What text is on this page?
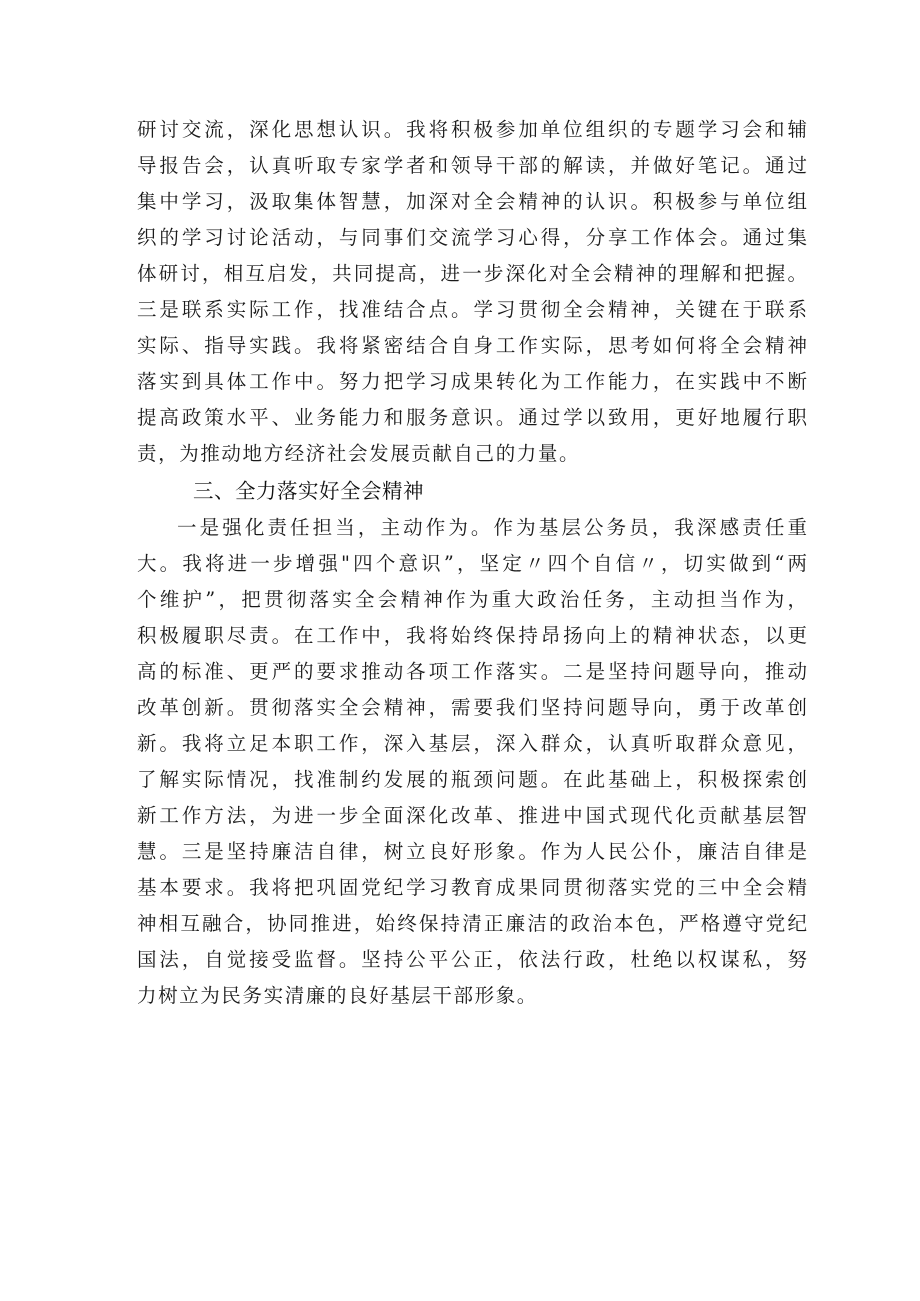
研讨交流，深化思想认识。我将积极参加单位组织的专题学习会和辅
导报告会，认真听取专家学者和领导干部的解读，并做好笔记。通过
集中学习，汲取集体智慧，加深对全会精神的认识。积极参与单位组
织的学习讨论活动，与同事们交流学习心得，分享工作体会。通过集
体研讨，相互启发，共同提高，进一步深化对全会精神的理解和把握。
三是联系实际工作，找准结合点。学习贯彻全会精神，关键在于联系
实际、指导实践。我将紧密结合自身工作实际，思考如何将全会精神
落实到具体工作中。努力把学习成果转化为工作能力，在实践中不断
提高政策水平、业务能力和服务意识。通过学以致用，更好地履行职
责，为推动地方经济社会发展贡献自己的力量。
三、全力落实好全会精神
一是强化责任担当，主动作为。作为基层公务员，我深感责任重
大。我将进一步增强"四个意识”，坚定〃四个自信〃，切实做到“两
个维护”，把贯彻落实全会精神作为重大政治任务，主动担当作为，
积极履职尽责。在工作中，我将始终保持昂扬向上的精神状态，以更
高的标准、更严的要求推动各项工作落实。二是坚持问题导向，推动
改革创新。贯彻落实全会精神，需要我们坚持问题导向，勇于改革创
新。我将立足本职工作，深入基层，深入群众，认真听取群众意见，
了解实际情况，找准制约发展的瓶颈问题。在此基础上，积极探索创
新工作方法，为进一步全面深化改革、推进中国式现代化贡献基层智
慧。三是坚持廉洁自律，树立良好形象。作为人民公仆，廉洁自律是
基本要求。我将把巩固党纪学习教育成果同贯彻落实党的三中全会精
神相互融合，协同推进，始终保持清正廉洁的政治本色，严格遵守党纪
国法，自觉接受监督。坚持公平公正，依法行政，杜绝以权谋私，努
力树立为民务实清廉的良好基层干部形象。
